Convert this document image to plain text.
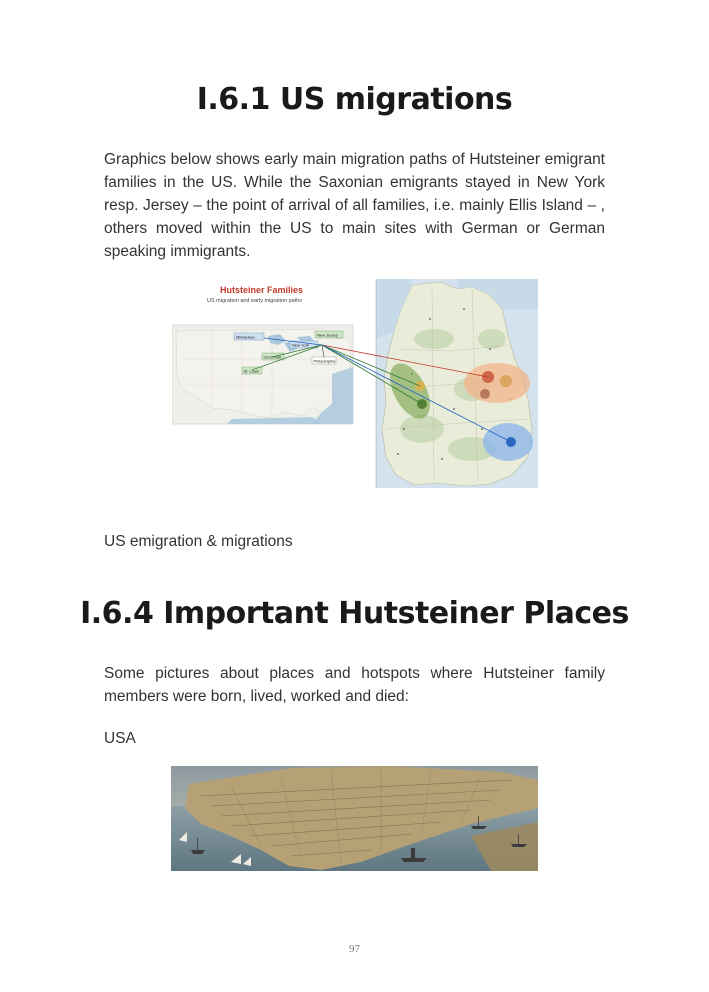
I.6.1 US migrations

Graphics below shows early main migration paths of Hutsteiner emigrant families in the US. While the Saxonian emigrants stayed in New York resp. Jersey – the point of arrival of all families, i.e. mainly Ellis Island – , others moved within the US to main sites with German or German speaking immigrants.

Milwaukee	New Jersey
New York
Cincinnati
St. Louis
Philadelphia
Hutsteiner Families
US migration and early migration paths

US emigration & migrations

I.6.4 Important Hutsteiner Places

Some pictures about places and hotspots where Hutsteiner family members were born, lived, worked and died:

USA

97
